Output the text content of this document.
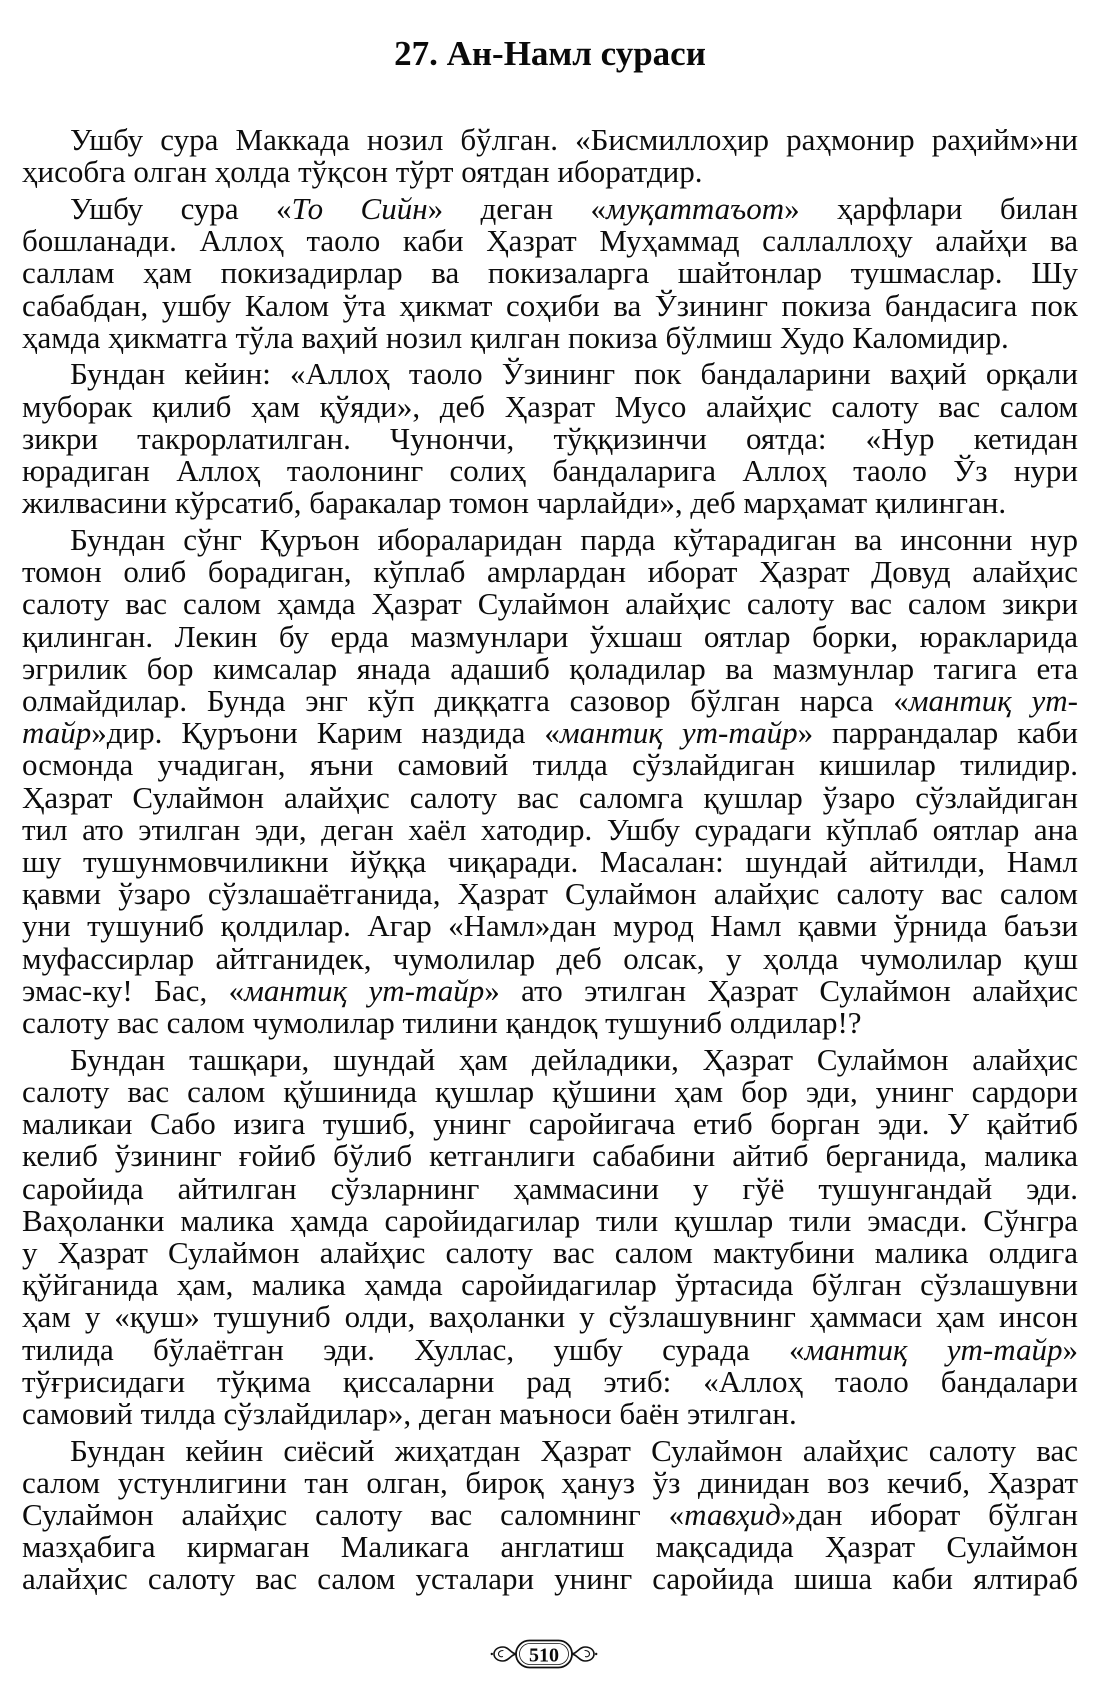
27. Ан-Намл сураси
Ушбу сура Маккада нозил бўлган. «Бисмиллоҳир раҳмонир раҳийм»ни
ҳисобга олган ҳолда тўқсон тўрт оятдан иборатдир.
Ушбу сура «То Сийн» деган «муқаттаъот» ҳарфлари билан
бошланади. Аллоҳ таоло каби Ҳазрат Муҳаммад саллаллоҳу алайҳи ва
саллам ҳам покизадирлар ва покизаларга шайтонлар тушмаслар. Шу
сабабдан, ушбу Калом ўта ҳикмат соҳиби ва Ўзининг покиза бандасига пок
ҳамда ҳикматга тўла ваҳий нозил қилган покиза бўлмиш Худо Каломидир.
Бундан кейин: «Аллоҳ таоло Ўзининг пок бандаларини ваҳий орқали
муборак қилиб ҳам қўяди», деб Ҳазрат Мусо алайҳис салоту вас салом
зикри такрорлатилган. Чунончи, тўққизинчи оятда: «Нур кетидан
юрадиган Аллоҳ таолонинг солиҳ бандаларига Аллоҳ таоло Ўз нури
жилвасини кўрсатиб, баракалар томон чарлайди», деб марҳамат қилинган.
Бундан сўнг Қуръон ибораларидан парда кўтарадиган ва инсонни нур
томон олиб борадиган, кўплаб амрлардан иборат Ҳазрат Довуд алайҳис
салоту вас салом ҳамда Ҳазрат Сулаймон алайҳис салоту вас салом зикри
қилинган. Лекин бу ерда мазмунлари ўхшаш оятлар борки, юракларида
эгрилик бор кимсалар янада адашиб қоладилар ва мазмунлар тагига ета
олмайдилар. Бунда энг кўп диққатга сазовор бўлган нарса «мантиқ ут-
тайр»дир. Қуръони Карим наздида «мантиқ ут-тайр» паррандалар каби
осмонда учадиган, яъни самовий тилда сўзлайдиган кишилар тилидир.
Ҳазрат Сулаймон алайҳис салоту вас саломга қушлар ўзаро сўзлайдиган
тил ато этилган эди, деган хаёл хатодир. Ушбу сурадаги кўплаб оятлар ана
шу тушунмовчиликни йўққа чиқаради. Масалан: шундай айтилди, Намл
қавми ўзаро сўзлашаётганида, Ҳазрат Сулаймон алайҳис салоту вас салом
уни тушуниб қолдилар. Агар «Намл»дан мурод Намл қавми ўрнида баъзи
муфассирлар айтганидек, чумолилар деб олсак, у ҳолда чумолилар қуш
эмас-ку! Бас, «мантиқ ут-тайр» ато этилган Ҳазрат Сулаймон алайҳис
салоту вас салом чумолилар тилини қандоқ тушуниб олдилар!?
Бундан ташқари, шундай ҳам дейладики, Ҳазрат Сулаймон алайҳис
салоту вас салом қўшинида қушлар қўшини ҳам бор эди, унинг сардори
маликаи Сабо изига тушиб, унинг саройигача етиб борган эди. У қайтиб
келиб ўзининг ғойиб бўлиб кетганлиги сабабини айтиб берганида, малика
саройида айтилган сўзларнинг ҳаммасини у гўё тушунгандай эди.
Ваҳоланки малика ҳамда саройидагилар тили қушлар тили эмасди. Сўнгра
у Ҳазрат Сулаймон алайҳис салоту вас салом мактубини малика олдига
қўйганида ҳам, малика ҳамда саройидагилар ўртасида бўлган сўзлашувни
ҳам у «қуш» тушуниб олди, ваҳоланки у сўзлашувнинг ҳаммаси ҳам инсон
тилида бўлаётган эди. Хуллас, ушбу сурада «мантиқ ут-тайр»
тўғрисидаги тўқима қиссаларни рад этиб: «Аллоҳ таоло бандалари
самовий тилда сўзлайдилар», деган маъноси баён этилган.
Бундан кейин сиёсий жиҳатдан Ҳазрат Сулаймон алайҳис салоту вас
салом устунлигини тан олган, бироқ ҳануз ўз динидан воз кечиб, Ҳазрат
Сулаймон алайҳис салоту вас саломнинг «тавҳид»дан иборат бўлган
мазҳабига кирмаган Маликага англатиш мақсадида Ҳазрат Сулаймон
алайҳис салоту вас салом усталари унинг саройида шиша каби ялтираб
510
